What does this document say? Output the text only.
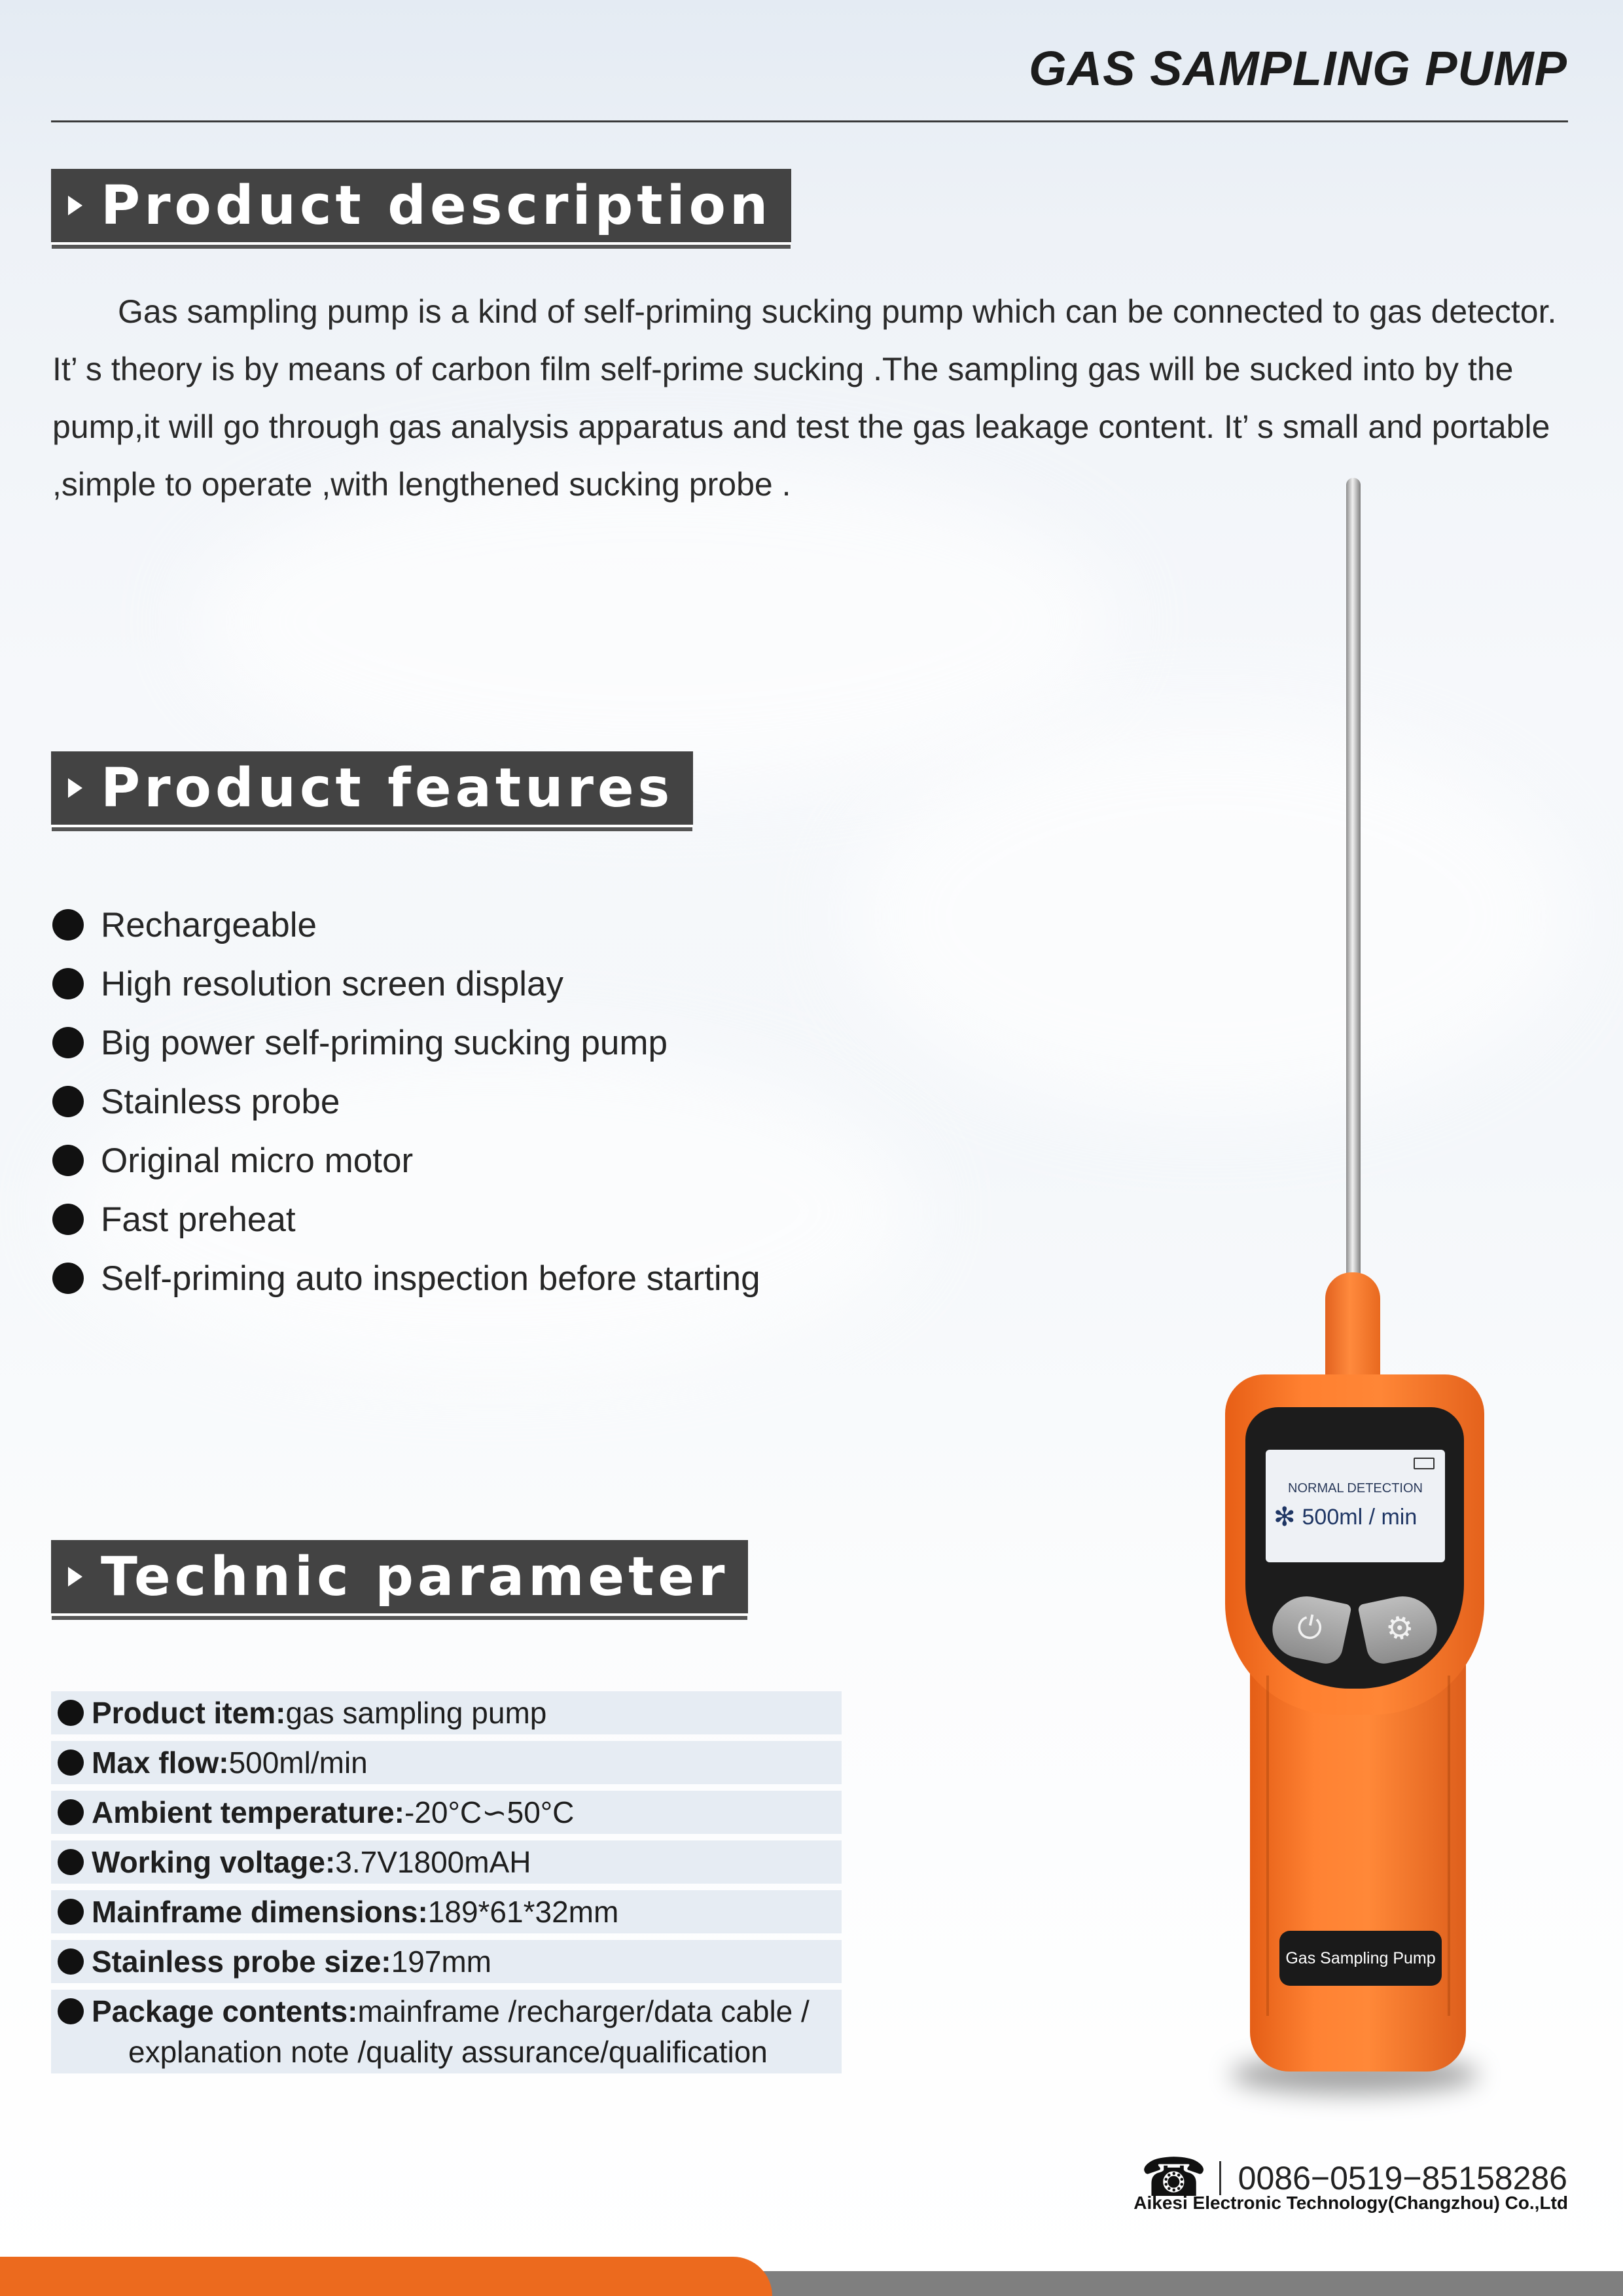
GAS SAMPLING PUMP
Product description
Gas sampling pump is a kind of self-priming sucking pump which can be connected to gas detector. It’ s theory is by means of carbon film self-prime sucking .The sampling gas will be sucked into by the pump,it will go through gas analysis apparatus and test the gas leakage content. It’ s small and portable ,simple to operate ,with lengthened sucking probe .
Product features
Rechargeable
High resolution screen display
Big power self-priming sucking pump
Stainless probe
Original micro motor
Fast preheat
Self-priming auto inspection before starting
Technic parameter
Product item:gas sampling pump
Max flow:500ml/min
Ambient temperature:-20°C∽50°C
Working voltage:3.7V1800mAH
Mainframe dimensions:189*61*32mm
Stainless probe size:197mm
Package contents:mainframe /recharger/data cable /
explanation note /quality assurance/qualification
NORMAL DETECTION
✻ 500ml / min
⏻	⚙
Gas Sampling Pump
☎ 0086−0519−85158286
Aikesi Electronic Technology(Changzhou) Co.,Ltd
